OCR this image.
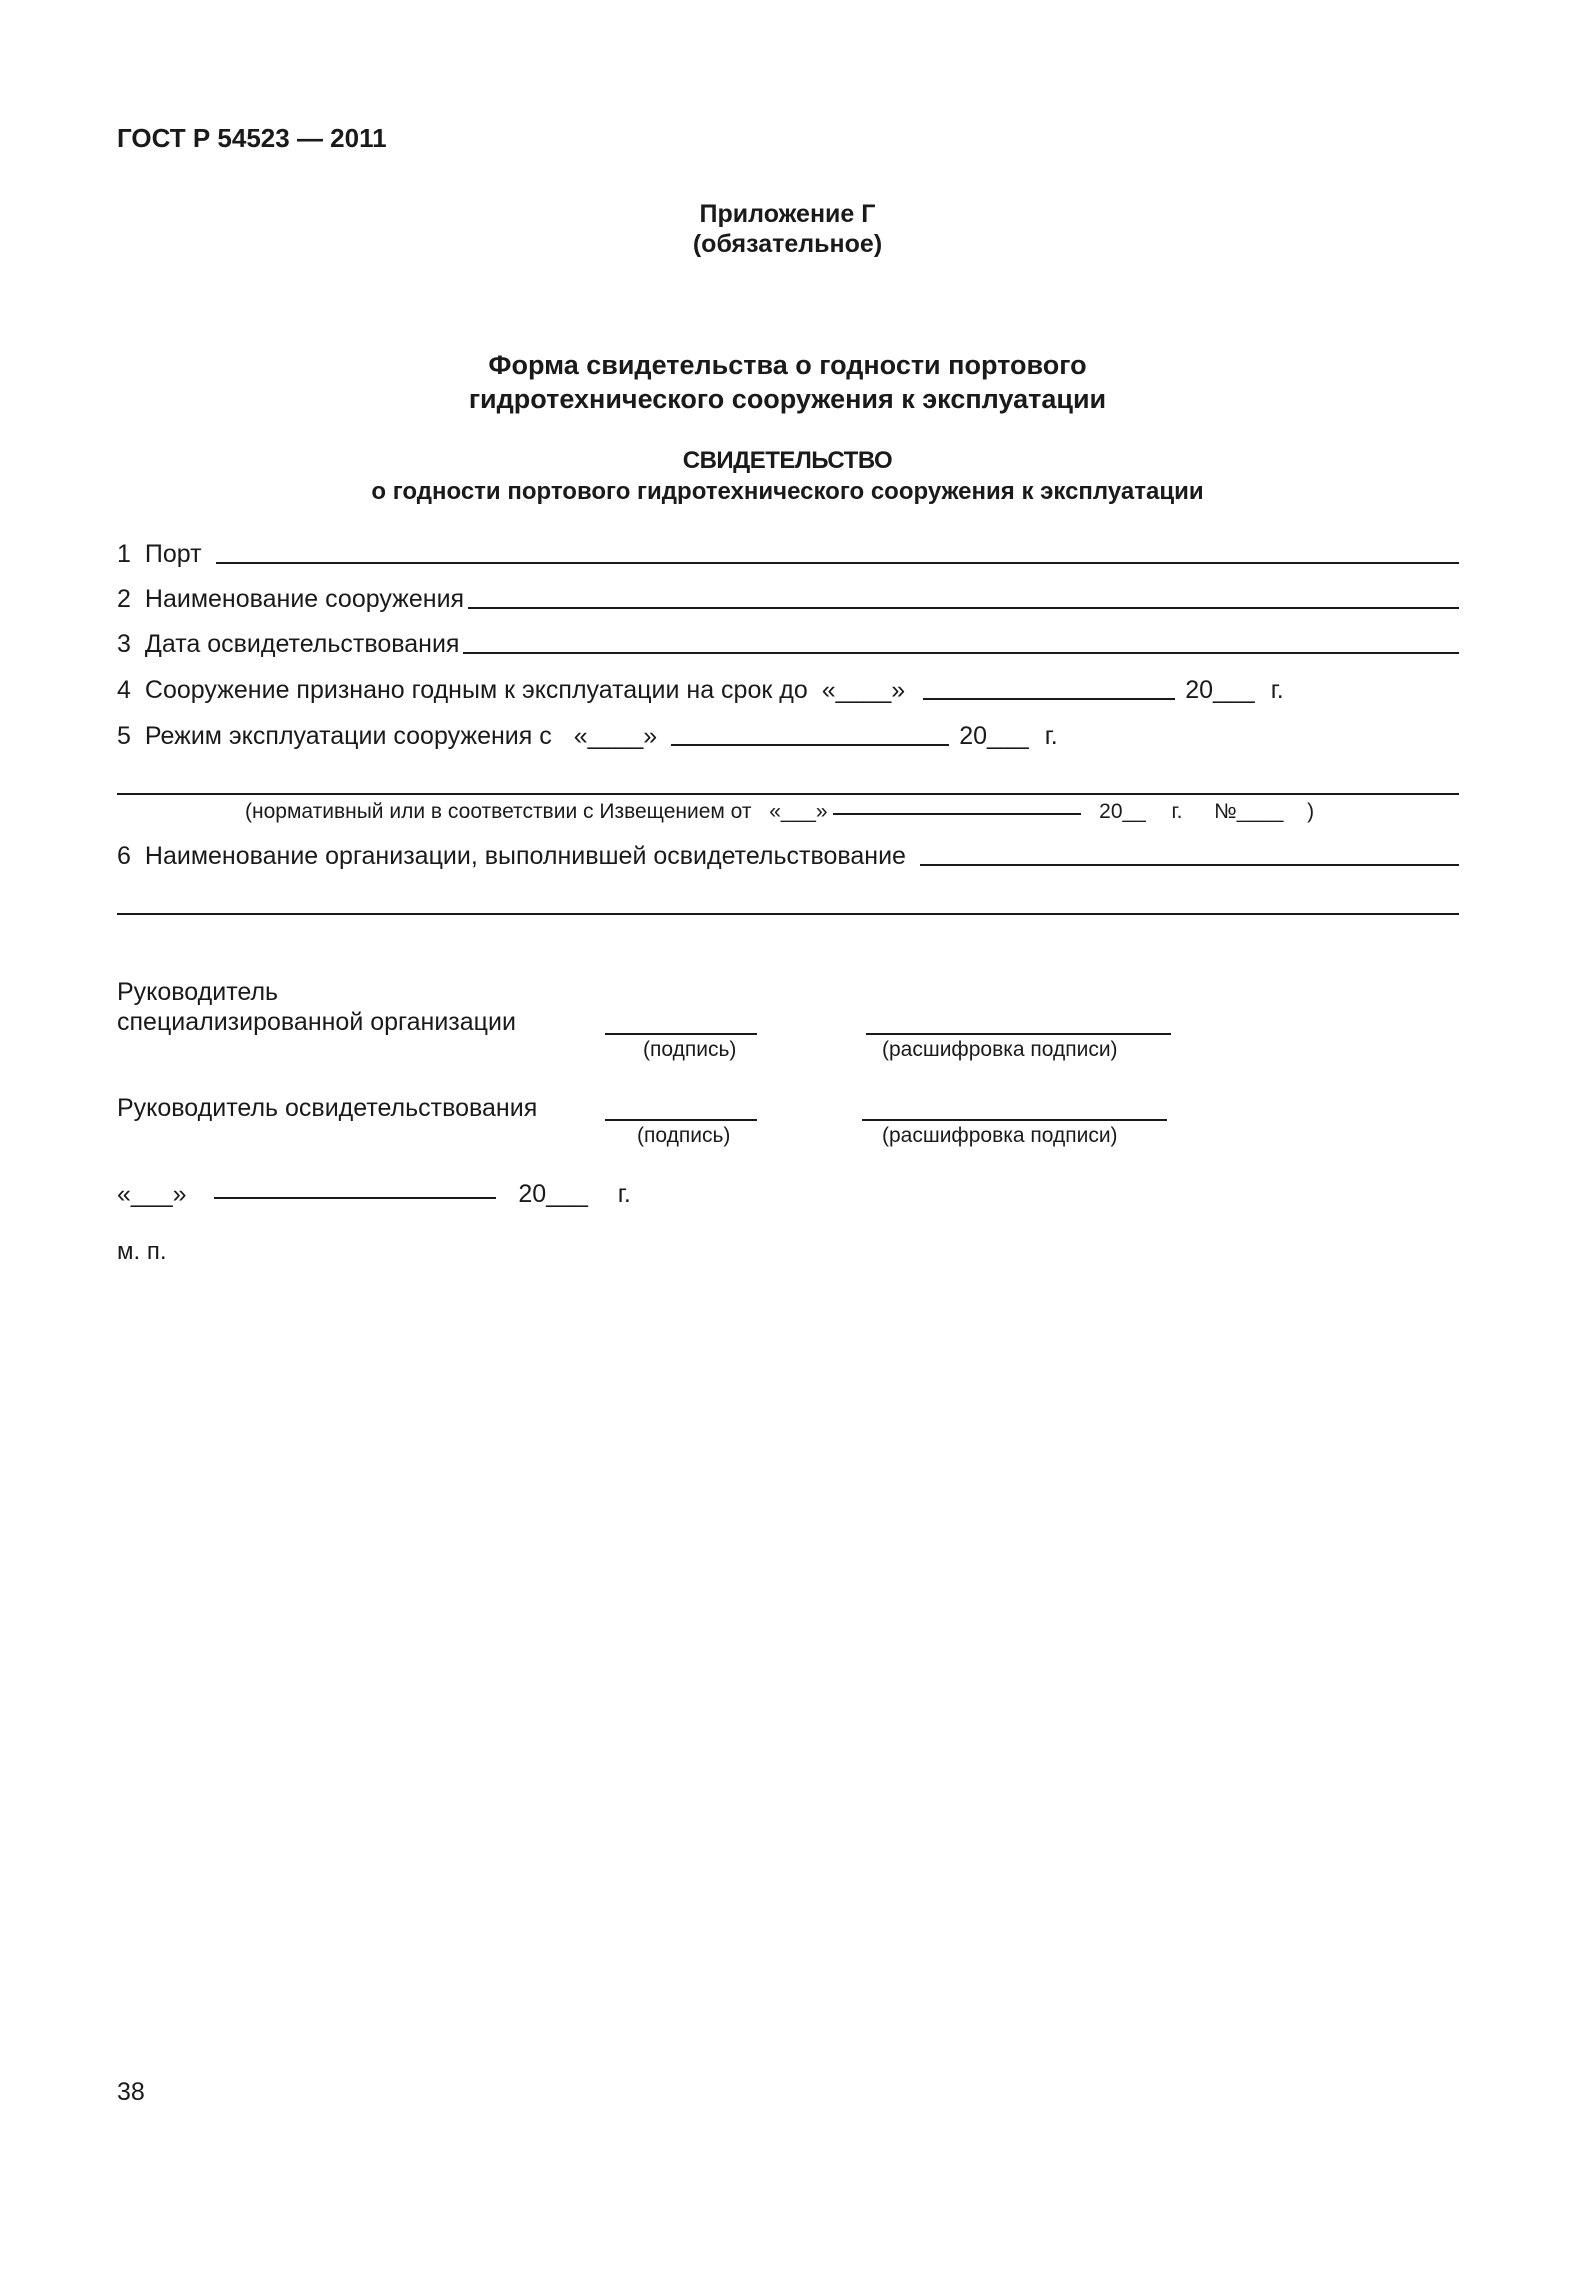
ГОСТ Р 54523 — 2011
Приложение Г
(обязательное)
Форма свидетельства о годности портового
гидротехнического сооружения к эксплуатации
СВИДЕТЕЛЬСТВО
о годности портового гидротехнического сооружения к эксплуатации
1 Порт
2 Наименование сооружения
3 Дата освидетельствования
4 Сооружение признано годным к эксплуатации на срок до «____»	20___ г.
5 Режим эксплуатации сооружения с «____»	20___ г.
(нормативный или в соответствии с Извещением от «___»	20__ г. №____ )
6 Наименование организации, выполнившей освидетельствование
Руководитель
специализированной организации
(подпись)	(расшифровка подписи)
Руководитель освидетельствования
(подпись)	(расшифровка подписи)
«___»	20___ г.
м. п.
38
